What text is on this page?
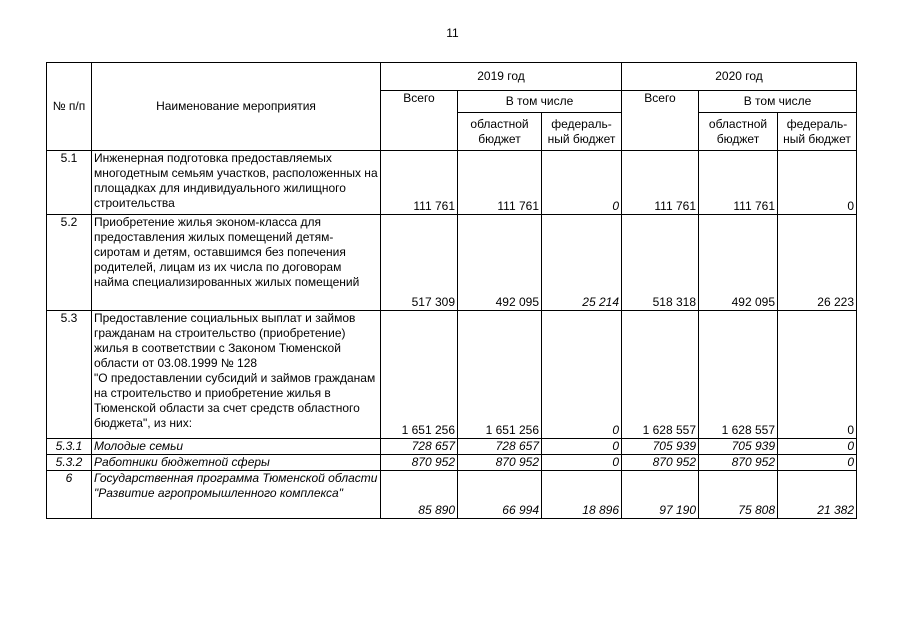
11
№ п/п	Наименование мероприятия	2019 год			2020 год		
		Всего	В том числе		Всего	В том числе	
			областной бюджет	федераль-ный бюджет		областной бюджет	федераль-ный бюджет
5.1	Инженерная подготовка предоставляемых многодетным семьям участков, расположенных на площадках для индивидуального жилищного строительства	111 761	111 761	0	111 761	111 761	0
5.2	Приобретение жилья эконом-класса для предоставления жилых помещений детям-сиротам и детям, оставшимся без попечения родителей, лицам из их числа по договорам найма специализированных жилых помещений	517 309	492 095	25 214	518 318	492 095	26 223
5.3	Предоставление социальных выплат и займов гражданам на строительство (приобретение) жилья в соответствии с Законом Тюменской области от 03.08.1999 № 128
"О предоставлении субсидий и займов гражданам на строительство и приобретение жилья в Тюменской области за счет средств областного бюджета", из них:	1 651 256	1 651 256	0	1 628 557	1 628 557	0
5.3.1	Молодые семьи	728 657	728 657	0	705 939	705 939	0
5.3.2	Работники бюджетной сферы	870 952	870 952	0	870 952	870 952	0
6	Государственная программа Тюменской области "Развитие агропромышленного комплекса"	85 890	66 994	18 896	97 190	75 808	21 382
